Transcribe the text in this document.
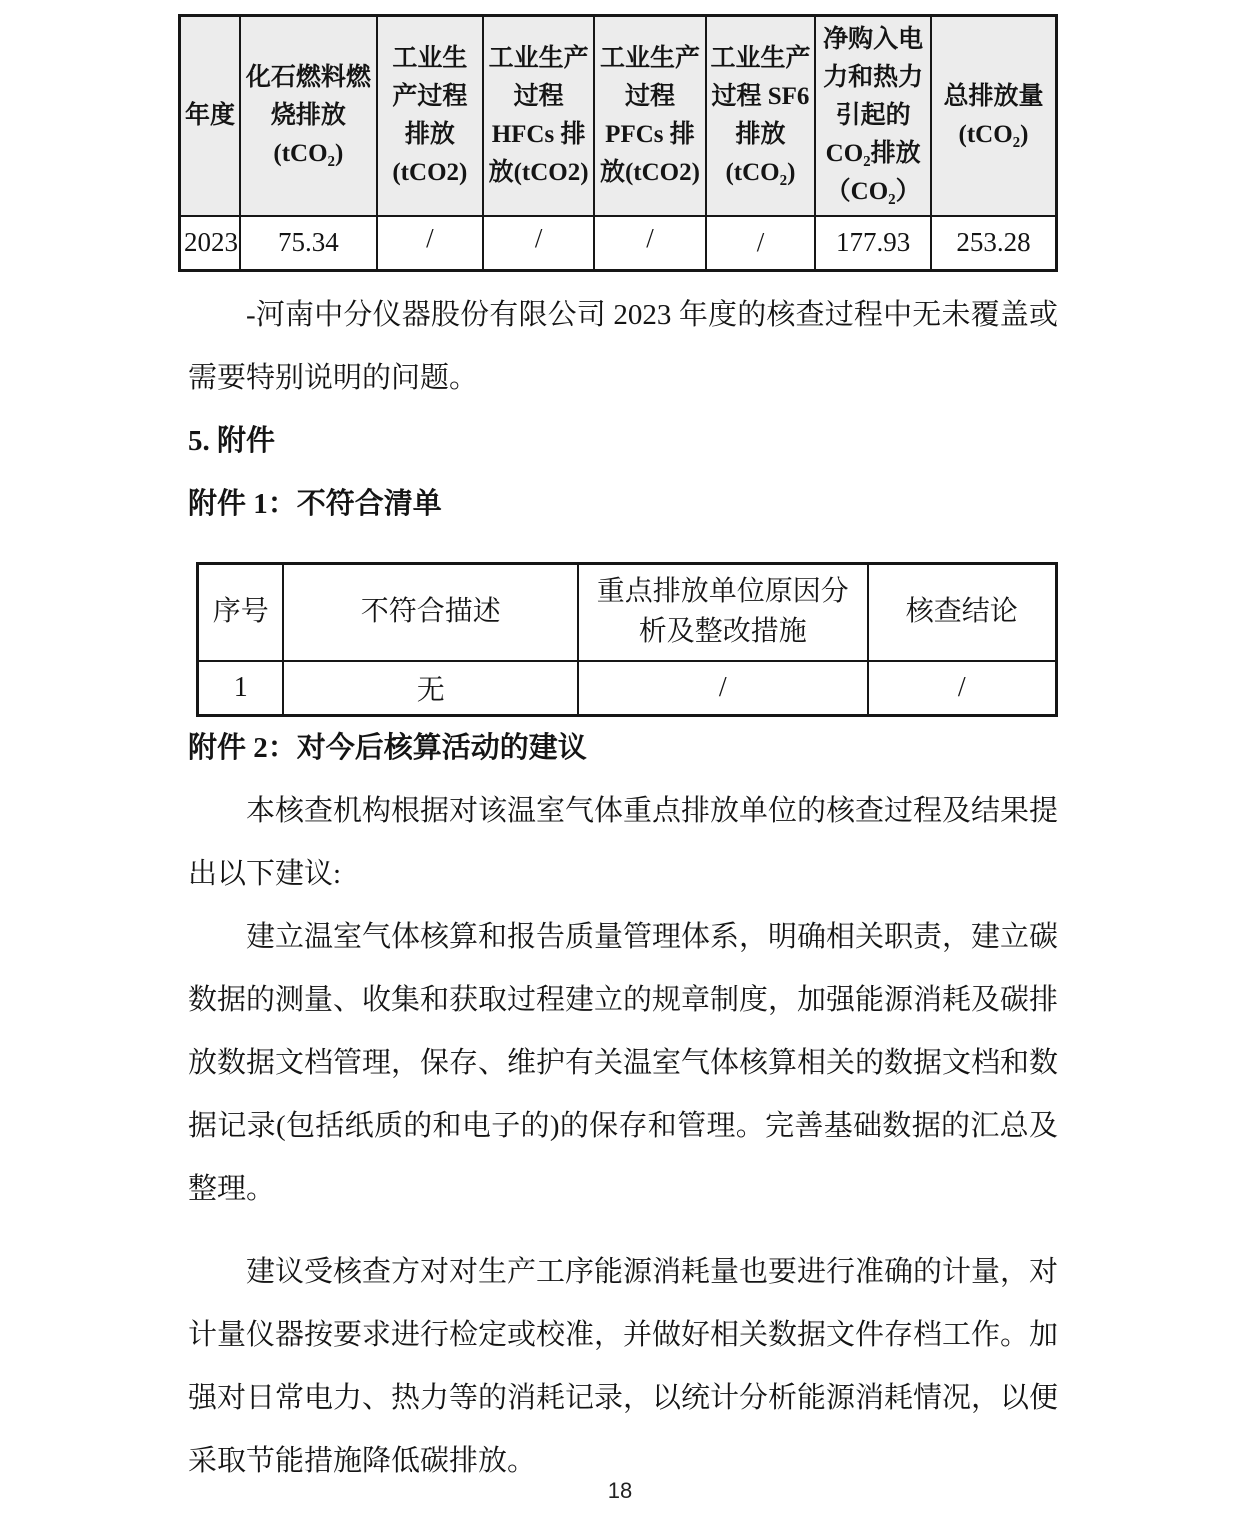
年度	化石燃料燃烧排放(tCO₂)	工业生产过程排放 (tCO2)	工业生产过程 HFCs 排放(tCO2)	工业生产过程 PFCs 排放(tCO2)	工业生产过程 SF6 排放(tCO₂)	净购入电力和热力引起的 CO₂排放（CO₂）	总排放量 (tCO₂)
2023	75.34	/	/	/	/	177.93	253.28

-河南中分仪器股份有限公司 2023 年度的核查过程中无未覆盖或需要特别说明的问题。

5. 附件
附件 1：不符合清单
序号	不符合描述	重点排放单位原因分析及整改措施	核查结论
1	无	/	/
附件 2：对今后核算活动的建议

本核查机构根据对该温室气体重点排放单位的核查过程及结果提出以下建议:

建立温室气体核算和报告质量管理体系，明确相关职责，建立碳数据的测量、收集和获取过程建立的规章制度，加强能源消耗及碳排放数据文档管理，保存、维护有关温室气体核算相关的数据文档和数据记录(包括纸质的和电子的)的保存和管理。完善基础数据的汇总及整理。

建议受核查方对对生产工序能源消耗量也要进行准确的计量，对计量仪器按要求进行检定或校准，并做好相关数据文件存档工作。加强对日常电力、热力等的消耗记录，以统计分析能源消耗情况，以便采取节能措施降低碳排放。

18
